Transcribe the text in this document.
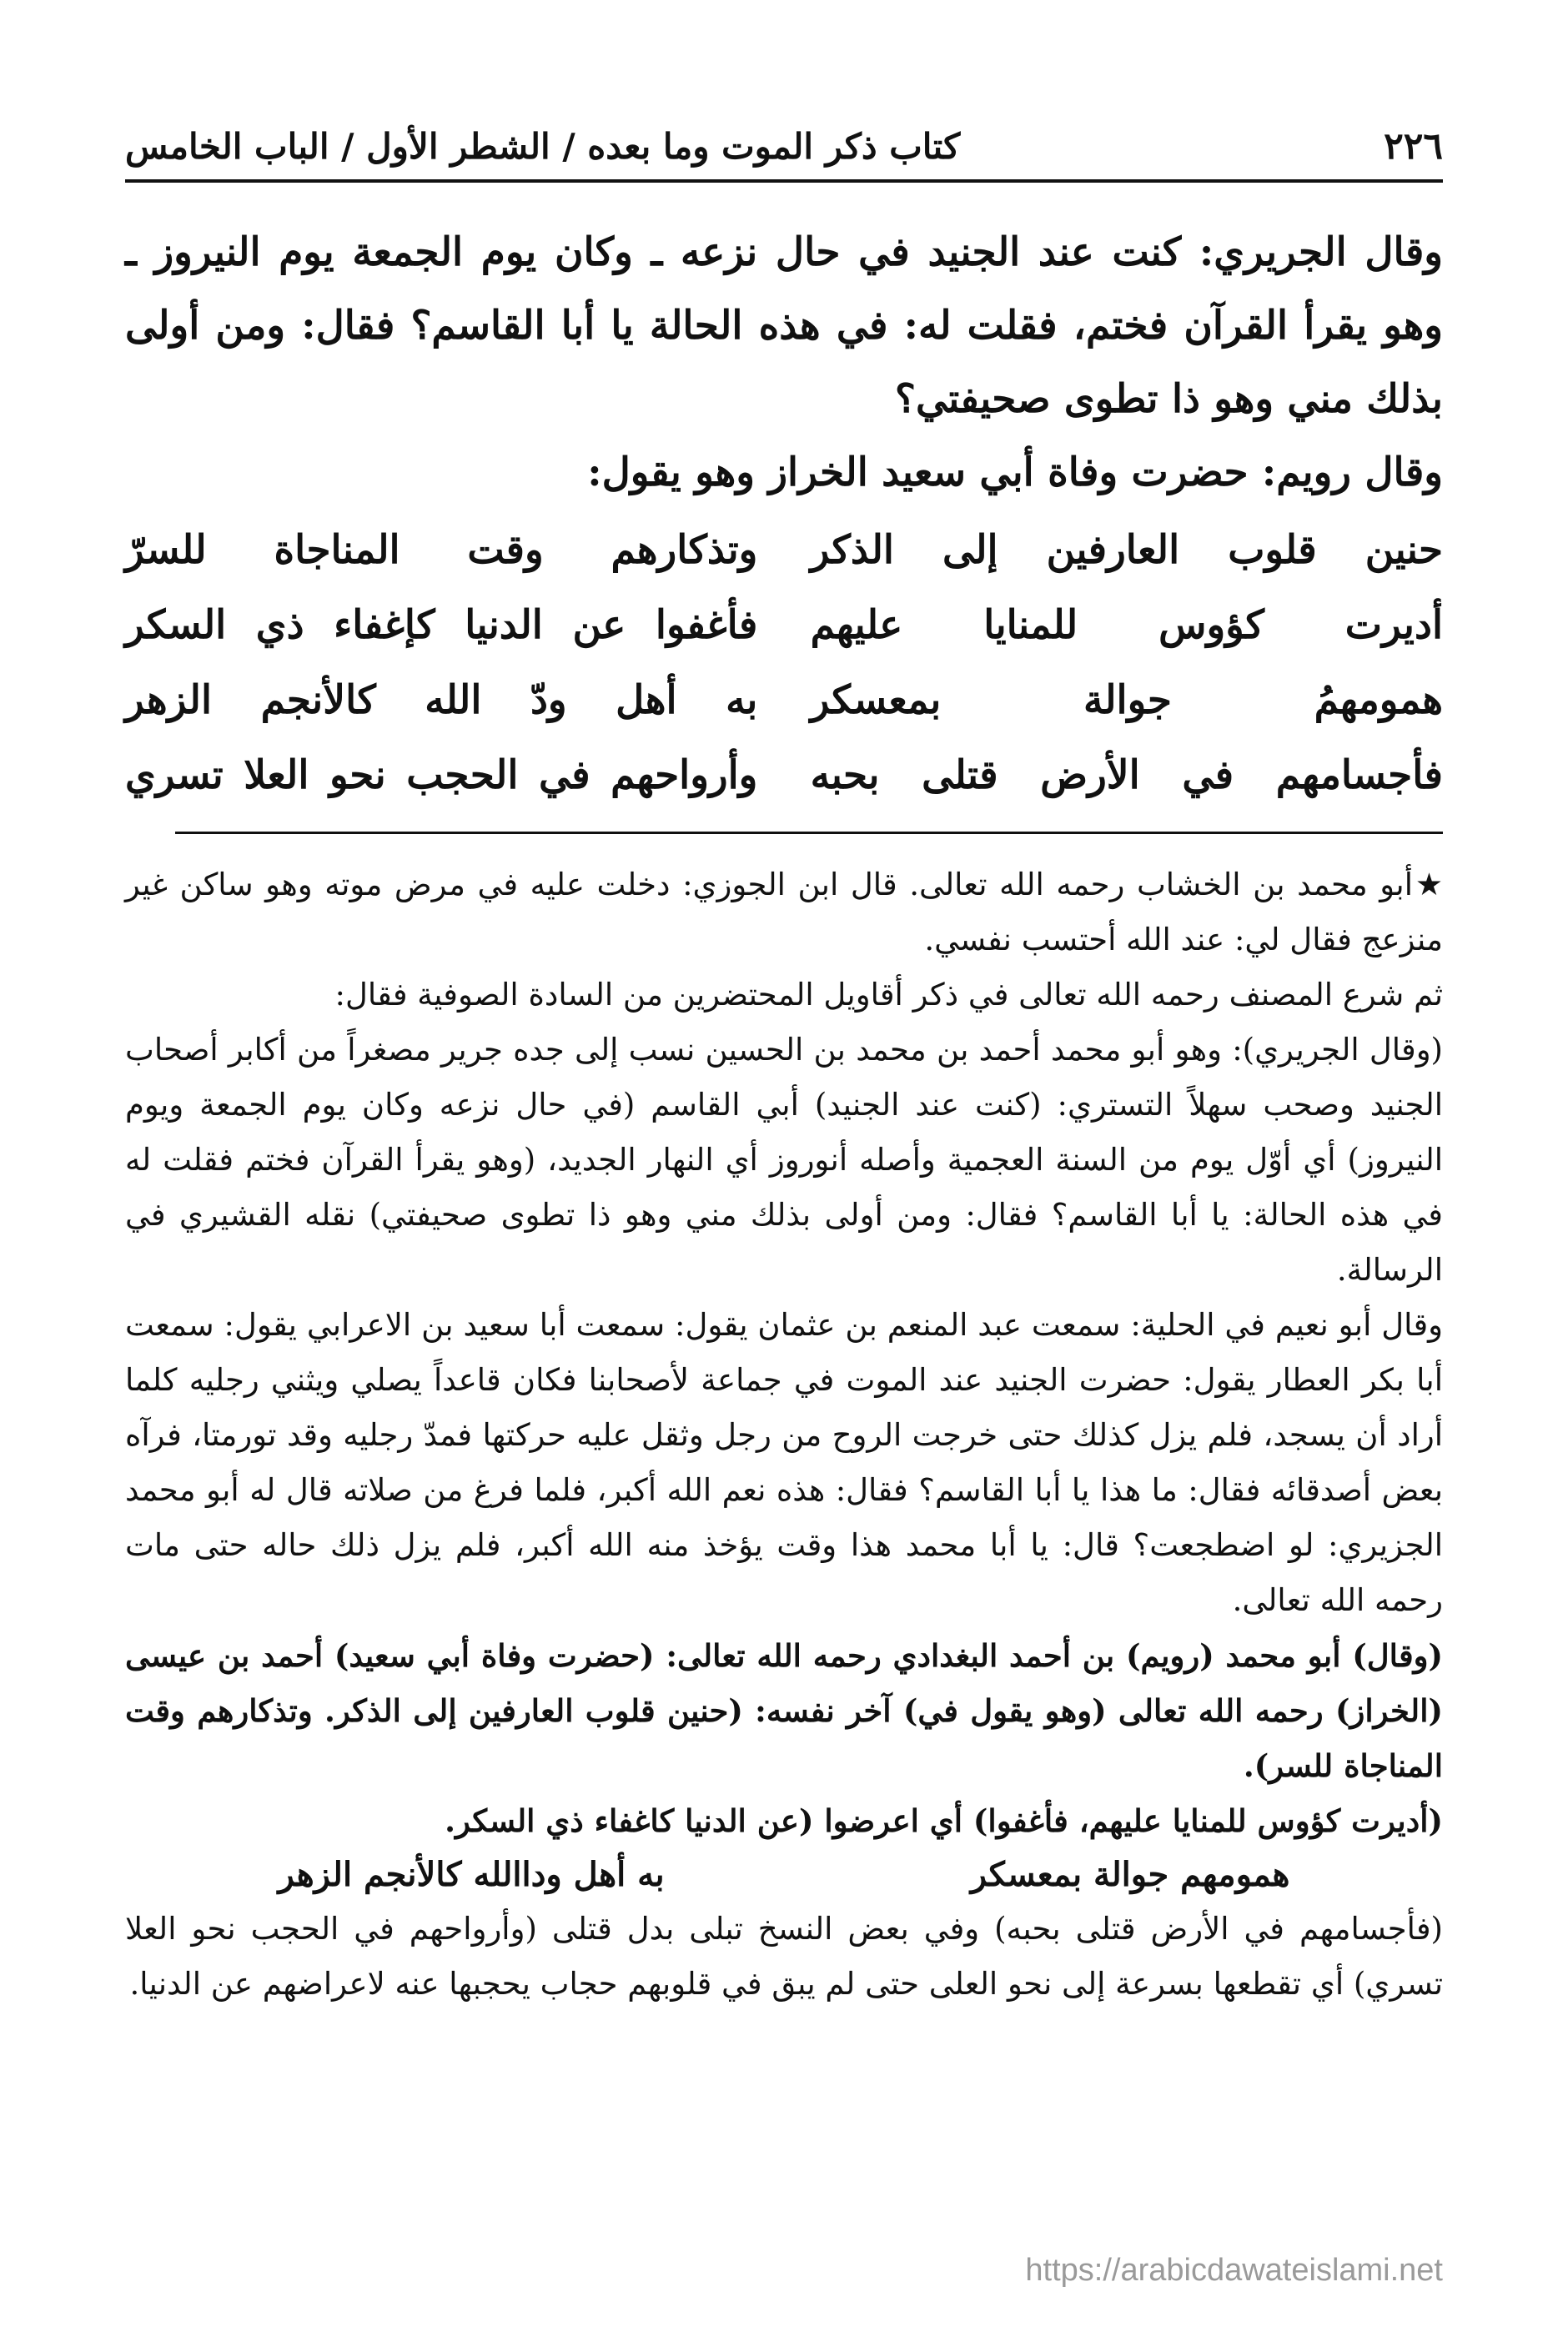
٢٢٦
كتاب ذكر الموت وما بعده / الشطر الأول / الباب الخامس

وقال الجريري: كنت عند الجنيد في حال نزعه ـ وكان يوم الجمعة يوم النيروز ـ وهو يقرأ القرآن فختم، فقلت له: في هذه الحالة يا أبا القاسم؟ فقال: ومن أولى بذلك مني وهو ذا تطوى صحيفتي؟

وقال رويم: حضرت وفاة أبي سعيد الخراز وهو يقول:

حنين قلوب العارفين إلى الذكر
وتذكارهم وقت المناجاة للسرّ
أديرت كؤوس للمنايا عليهم
فأغفوا عن الدنيا كإغفاء ذي السكر
همومهمُ جوالة بمعسكر
به أهل ودّ الله كالأنجم الزهر
فأجسامهم في الأرض قتلى بحبه
وأرواحهم في الحجب نحو العلا تسري

★أبو محمد بن الخشاب رحمه الله تعالى. قال ابن الجوزي: دخلت عليه في مرض موته وهو ساكن غير منزعج فقال لي: عند الله أحتسب نفسي.

ثم شرع المصنف رحمه الله تعالى في ذكر أقاويل المحتضرين من السادة الصوفية فقال:

(وقال الجريري): وهو أبو محمد أحمد بن محمد بن الحسين نسب إلى جده جرير مصغراً من أكابر أصحاب الجنيد وصحب سهلاً التستري: (كنت عند الجنيد) أبي القاسم (في حال نزعه وكان يوم الجمعة ويوم النيروز) أي أوّل يوم من السنة العجمية وأصله أنوروز أي النهار الجديد، (وهو يقرأ القرآن فختم فقلت له في هذه الحالة: يا أبا القاسم؟ فقال: ومن أولى بذلك مني وهو ذا تطوى صحيفتي) نقله القشيري في الرسالة.

وقال أبو نعيم في الحلية: سمعت عبد المنعم بن عثمان يقول: سمعت أبا سعيد بن الاعرابي يقول: سمعت أبا بكر العطار يقول: حضرت الجنيد عند الموت في جماعة لأصحابنا فكان قاعداً يصلي ويثني رجليه كلما أراد أن يسجد، فلم يزل كذلك حتى خرجت الروح من رجل وثقل عليه حركتها فمدّ رجليه وقد تورمتا، فرآه بعض أصدقائه فقال: ما هذا يا أبا القاسم؟ فقال: هذه نعم الله أكبر، فلما فرغ من صلاته قال له أبو محمد الجزيري: لو اضطجعت؟ قال: يا أبا محمد هذا وقت يؤخذ منه الله أكبر، فلم يزل ذلك حاله حتى مات رحمه الله تعالى.

(وقال) أبو محمد (رويم) بن أحمد البغدادي رحمه الله تعالى: (حضرت وفاة أبي سعيد) أحمد بن عيسى (الخراز) رحمه الله تعالى (وهو يقول في) آخر نفسه: (حنين قلوب العارفين إلى الذكر. وتذكارهم وقت المناجاة للسر).

(أديرت كؤوس للمنايا عليهم، فأغفوا) أي اعرضوا (عن الدنيا كاغفاء ذي السكر.

همومهم جوالة بمعسكر
به أهل وداالله كالأنجم الزهر

(فأجسامهم في الأرض قتلى بحبه) وفي بعض النسخ تبلى بدل قتلى (وأرواحهم في الحجب نحو العلا تسري) أي تقطعها بسرعة إلى نحو العلى حتى لم يبق في قلوبهم حجاب يحجبها عنه لاعراضهم عن الدنيا.

https://arabicdawateislami.net
